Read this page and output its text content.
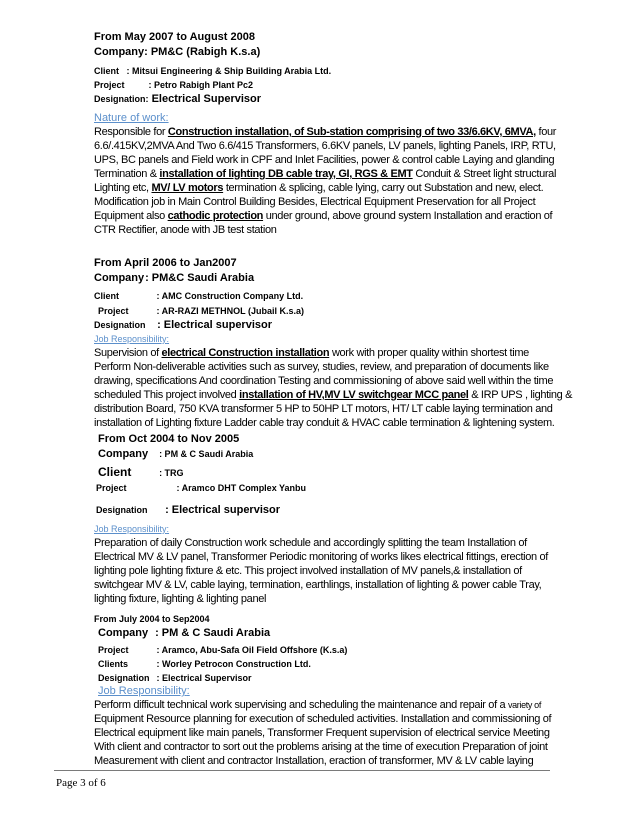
From May 2007 to August 2008
Company: PM&C (Rabigh K.s.a)
Client : Mitsui Engineering & Ship Building Arabia Ltd.
Project	: Petro Rabigh Plant Pc2
Designation: Electrical Supervisor
Nature of work:

Responsible for Construction installation, of Sub-station comprising of two 33/6.6KV, 6MVA, four

6.6/.415KV,2MVA And Two 6.6/415 Transformers, 6.6KV panels, LV panels, lighting Panels, IRP, RTU,

UPS, BC panels and Field work in CPF and Inlet Facilities, power & control cable Laying and glanding

Termination & installation of lighting DB cable tray, GI, RGS & EMT Conduit & Street light structural

Lighting etc, MV/ LV motors termination & splicing, cable lying, carry out Substation and new, elect.

Modification job in Main Control Building Besides, Electrical Equipment Preservation for all Project

Equipment also cathodic protection under ground, above ground system Installation and eraction of

CTR Rectifier, anode with JB test station

From April 2006 to Jan2007
Company : PM&C Saudi Arabia
Client	: AMC Construction Company Ltd.
Project	: AR-RAZI METHNOL (Jubail K.s.a)
Designation : Electrical supervisor
Job Responsibility:

Supervision of electrical Construction installation work with proper quality within shortest time

Perform Non-deliverable activities such as survey, studies, review, and preparation of documents like

drawing, specifications And coordination Testing and commissioning of above said well within the time

scheduled This project involved installation of HV,MV LV switchgear MCC panel & IRP UPS , lighting &

distribution Board, 750 KVA transformer 5 HP to 50HP LT motors, HT/ LT cable laying termination and

installation of Lighting fixture Ladder cable tray conduit & HVAC cable termination & lightening system.

From Oct 2004 to Nov 2005
Company : PM & C Saudi Arabia
Client	: TRG
Project	: Aramco DHT Complex Yanbu
Designation : Electrical supervisor
Job Responsibility:

Preparation of daily Construction work schedule and accordingly splitting the team Installation of

Electrical MV & LV panel, Transformer Periodic monitoring of works likes electrical fittings, erection of

lighting pole lighting fixture & etc. This project involved installation of MV panels,& installation of

switchgear MV & LV, cable laying, termination, earthlings, installation of lighting & power cable Tray,

lighting fixture, lighting & lighting panel

From July 2004 to Sep2004
Company : PM & C Saudi Arabia
Project	: Aramco, Abu-Safa Oil Field Offshore (K.s.a)
Clients	: Worley Petrocon Construction Ltd.
Designation : Electrical Supervisor
Job Responsibility:

Perform difficult technical work supervising and scheduling the maintenance and repair of a variety of

Equipment Resource planning for execution of scheduled activities. Installation and commissioning of

Electrical equipment like main panels, Transformer Frequent supervision of electrical service Meeting

With client and contractor to sort out the problems arising at the time of execution Preparation of joint

Measurement with client and contractor Installation, eraction of transformer, MV & LV cable laying

Page 3 of 6
